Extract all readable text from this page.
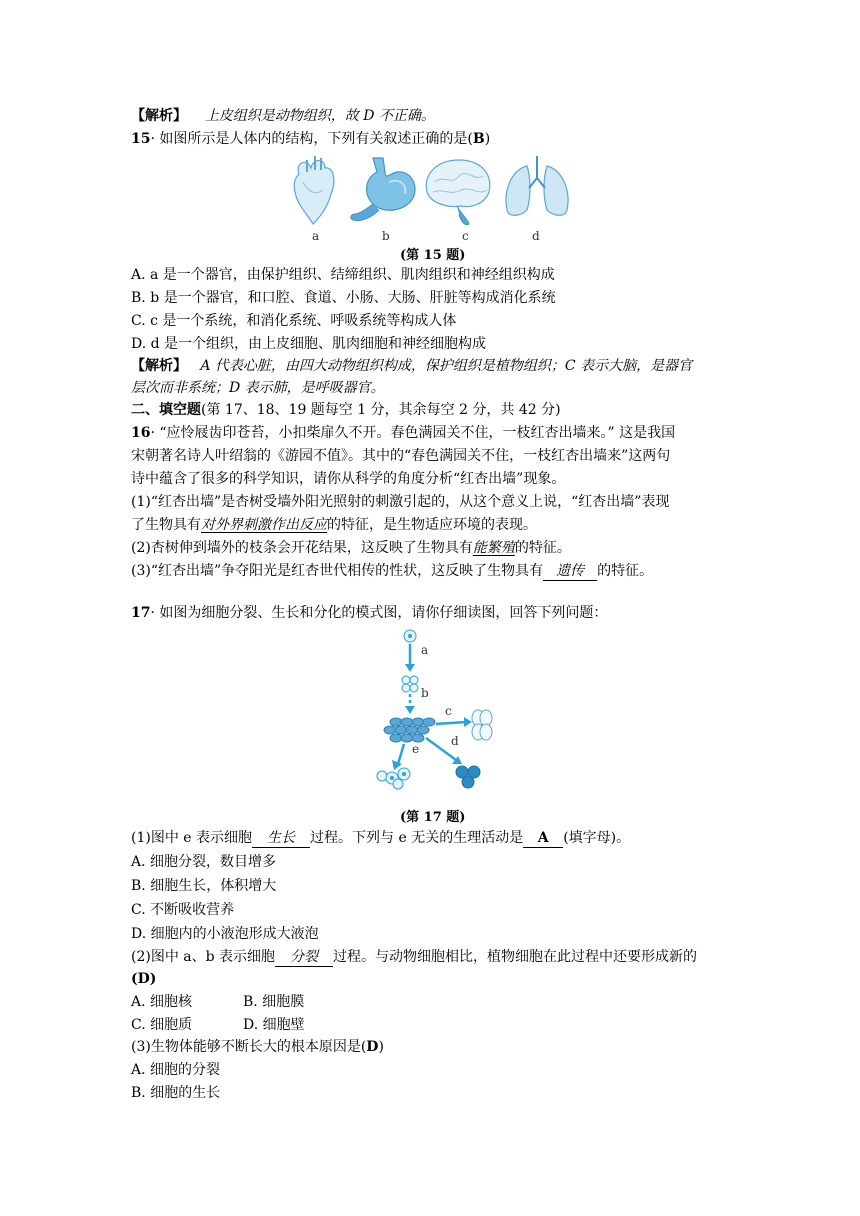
【解析】 上皮组织是动物组织，故 D 不正确。
15· 如图所示是人体内的结构，下列有关叙述正确的是(B)
a	b	c	d
(第 15 题)
A. a 是一个器官，由保护组织、结缔组织、肌肉组织和神经组织构成
B. b 是一个器官，和口腔、食道、小肠、大肠、肝脏等构成消化系统
C. c 是一个系统，和消化系统、呼吸系统等构成人体
D. d 是一个组织，由上皮细胞、肌肉细胞和神经细胞构成
【解析】 A 代表心脏，由四大动物组织构成，保护组织是植物组织；C 表示大脑，是器官
层次而非系统；D 表示肺，是呼吸器官。
二、填空题(第 17、18、19 题每空 1 分，其余每空 2 分，共 42 分)
16· “应怜屐齿印苍苔，小扣柴扉久不开。春色满园关不住，一枝红杏出墙来。” 这是我国
宋朝著名诗人叶绍翁的《游园不值》。其中的“春色满园关不住，一枝红杏出墙来”这两句
诗中蕴含了很多的科学知识，请你从科学的角度分析“红杏出墙”现象。
(1)“红杏出墙”是杏树受墙外阳光照射的刺激引起的，从这个意义上说，“红杏出墙”表现
了生物具有对外界刺激作出反应的特征，是生物适应环境的表现。
(2)杏树伸到墙外的枝条会开花结果，这反映了生物具有能繁殖的特征。
(3)“红杏出墙”争夺阳光是红杏世代相传的性状，这反映了生物具有 遗传 的特征。
17· 如图为细胞分裂、生长和分化的模式图，请你仔细读图，回答下列问题：
a
b
c
d
e
(第 17 题)
(1)图中 e 表示细胞 生长 过程。下列与 e 无关的生理活动是 A (填字母)。
A. 细胞分裂，数目增多
B. 细胞生长，体积增大
C. 不断吸收营养
D. 细胞内的小液泡形成大液泡
(2)图中 a、b 表示细胞 分裂 过程。与动物细胞相比，植物细胞在此过程中还要形成新的
(D)
A. 细胞核	B. 细胞膜
C. 细胞质	D. 细胞壁
(3)生物体能够不断长大的根本原因是(D)
A. 细胞的分裂
B. 细胞的生长
